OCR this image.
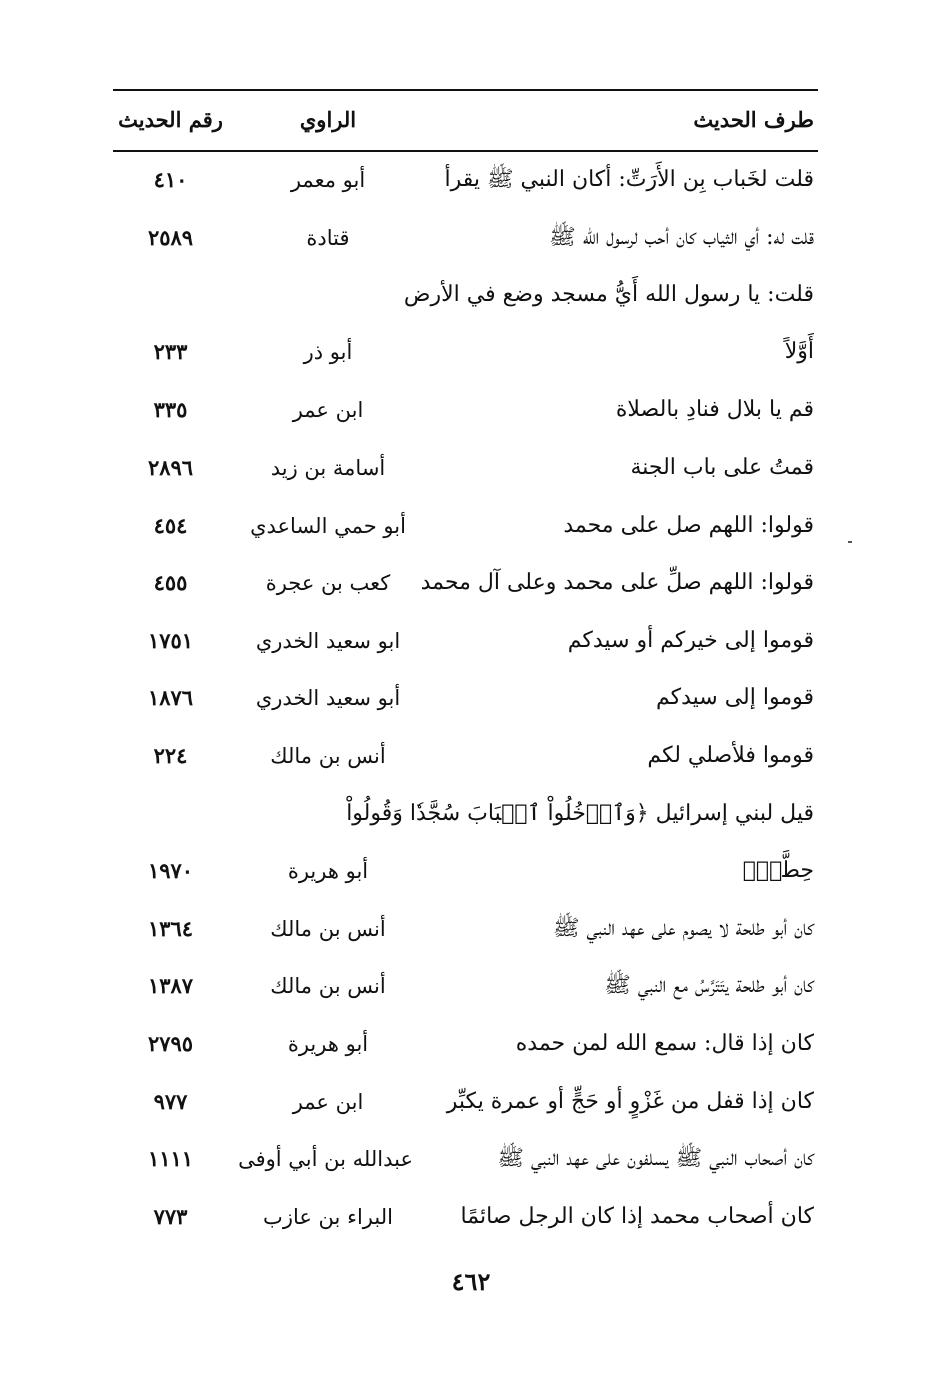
طرف الحديث
الراوي
رقم الحديث
قلت لخَباب بِن الأَرَتِّ: أكان النبي ﷺ يقرأ
أبو معمر
٤١٠
قلت له: أي الثياب كان أحب لرسول الله ﷺ
قتادة
٢٥٨٩
قلت: يا رسول الله أَيُّ مسجد وضع في الأرض
أَوَّلاً
أبو ذر
٢٣٣
قم يا بلال فنادِ بالصلاة
ابن عمر
٣٣٥
قمتُ على باب الجنة
أسامة بن زيد
٢٨٩٦
قولوا: اللهم صل على محمد
أبو حمي الساعدي
٤٥٤
قولوا: اللهم صلِّ على محمد وعلى آل محمد
كعب بن عجرة
٤٥٥
قوموا إلى خيركم أو سيدكم
ابو سعيد الخدري
١٧٥١
قوموا إلى سيدكم
أبو سعيد الخدري
١٨٧٦
قوموا فلأصلي لكم
أنس بن مالك
٢٢٤
قيل لبني إسرائيل ﴿وَٱدۡخُلُواْ ٱلۡبَابَ سُجَّدٗا وَقُولُواْ
حِطَّةٞ﴾
أبو هريرة
١٩٧٠
كان أبو طلحة لا يصوم على عهد النبي ﷺ
أنس بن مالك
١٣٦٤
كان أبو طلحة يتَتَرَّسُ مع النبي ﷺ
أنس بن مالك
١٣٨٧
كان إذا قال: سمع الله لمن حمده
أبو هريرة
٢٧٩٥
كان إذا قفل من غَزْوٍ أو حَجٍّ أو عمرة يكبِّر
ابن عمر
٩٧٧
كان أصحاب النبي ﷺ يسلفون على عهد النبي ﷺ
عبدالله بن أبي أوفى
١١١١
كان أصحاب محمد إذا كان الرجل صائمًا
البراء بن عازب
٧٧٣
٤٦٢
